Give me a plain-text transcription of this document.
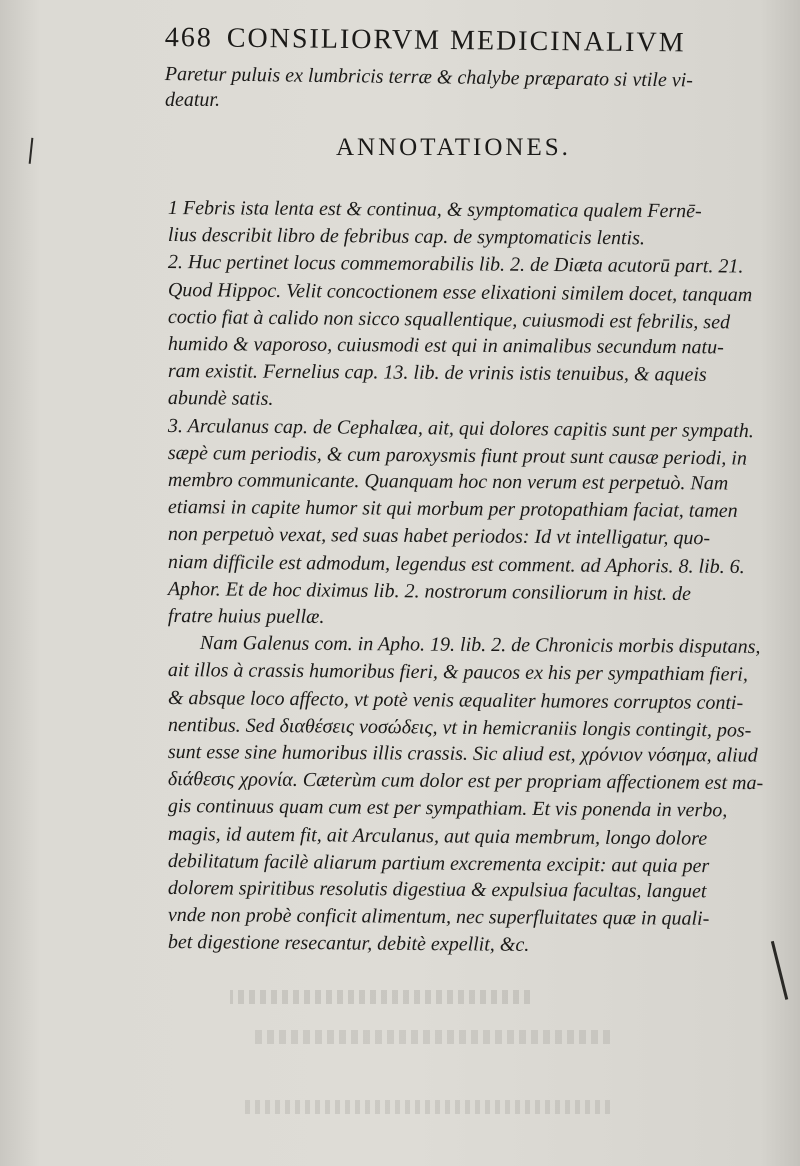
468 CONSILIORVM MEDICINALIVM
Paretur puluis ex lumbricis terræ & chalybe præparato si vtile vi-
deatur.
ANNOTATIONES.
1 Febris ista lenta est & continua, & symptomatica qualem Fernē-
lius describit libro de febribus cap. de symptomaticis lentis.
2. Huc pertinet locus commemorabilis lib. 2. de Diæta acutorū part. 21.
Quod Hippoc. Velit concoctionem esse elixationi similem docet, tanquam
coctio fiat à calido non sicco squallentique, cuiusmodi est febrilis, sed
humido & vaporoso, cuiusmodi est qui in animalibus secundum natu-
ram existit. Fernelius cap. 13. lib. de vrinis istis tenuibus, & aqueis
abundè satis.
3. Arculanus cap. de Cephalæa, ait, qui dolores capitis sunt per sympath.
sæpè cum periodis, & cum paroxysmis fiunt prout sunt causæ periodi, in
membro communicante. Quanquam hoc non verum est perpetuò. Nam
etiamsi in capite humor sit qui morbum per protopathiam faciat, tamen
non perpetuò vexat, sed suas habet periodos: Id vt intelligatur, quo-
niam difficile est admodum, legendus est comment. ad Aphoris. 8. lib. 6.
Aphor. Et de hoc diximus lib. 2. nostrorum consiliorum in hist. de
fratre huius puellæ.
Nam Galenus com. in Apho. 19. lib. 2. de Chronicis morbis disputans,
ait illos à crassis humoribus fieri, & paucos ex his per sympathiam fieri,
& absque loco affecto, vt potè venis æqualiter humores corruptos conti-
nentibus. Sed διαθέσεις νοσώδεις, vt in hemicraniis longis contingit, pos-
sunt esse sine humoribus illis crassis. Sic aliud est, χρόνιον νόσημα, aliud
διάθεσις χρονία. Cæterùm cum dolor est per propriam affectionem est ma-
gis continuus quam cum est per sympathiam. Et vis ponenda in verbo,
magis, id autem fit, ait Arculanus, aut quia membrum, longo dolore
debilitatum facilè aliarum partium excrementa excipit: aut quia per
dolorem spiritibus resolutis digestiua & expulsiua facultas, languet
vnde non probè conficit alimentum, nec superfluitates quæ in quali-
bet digestione resecantur, debitè expellit, &c.
